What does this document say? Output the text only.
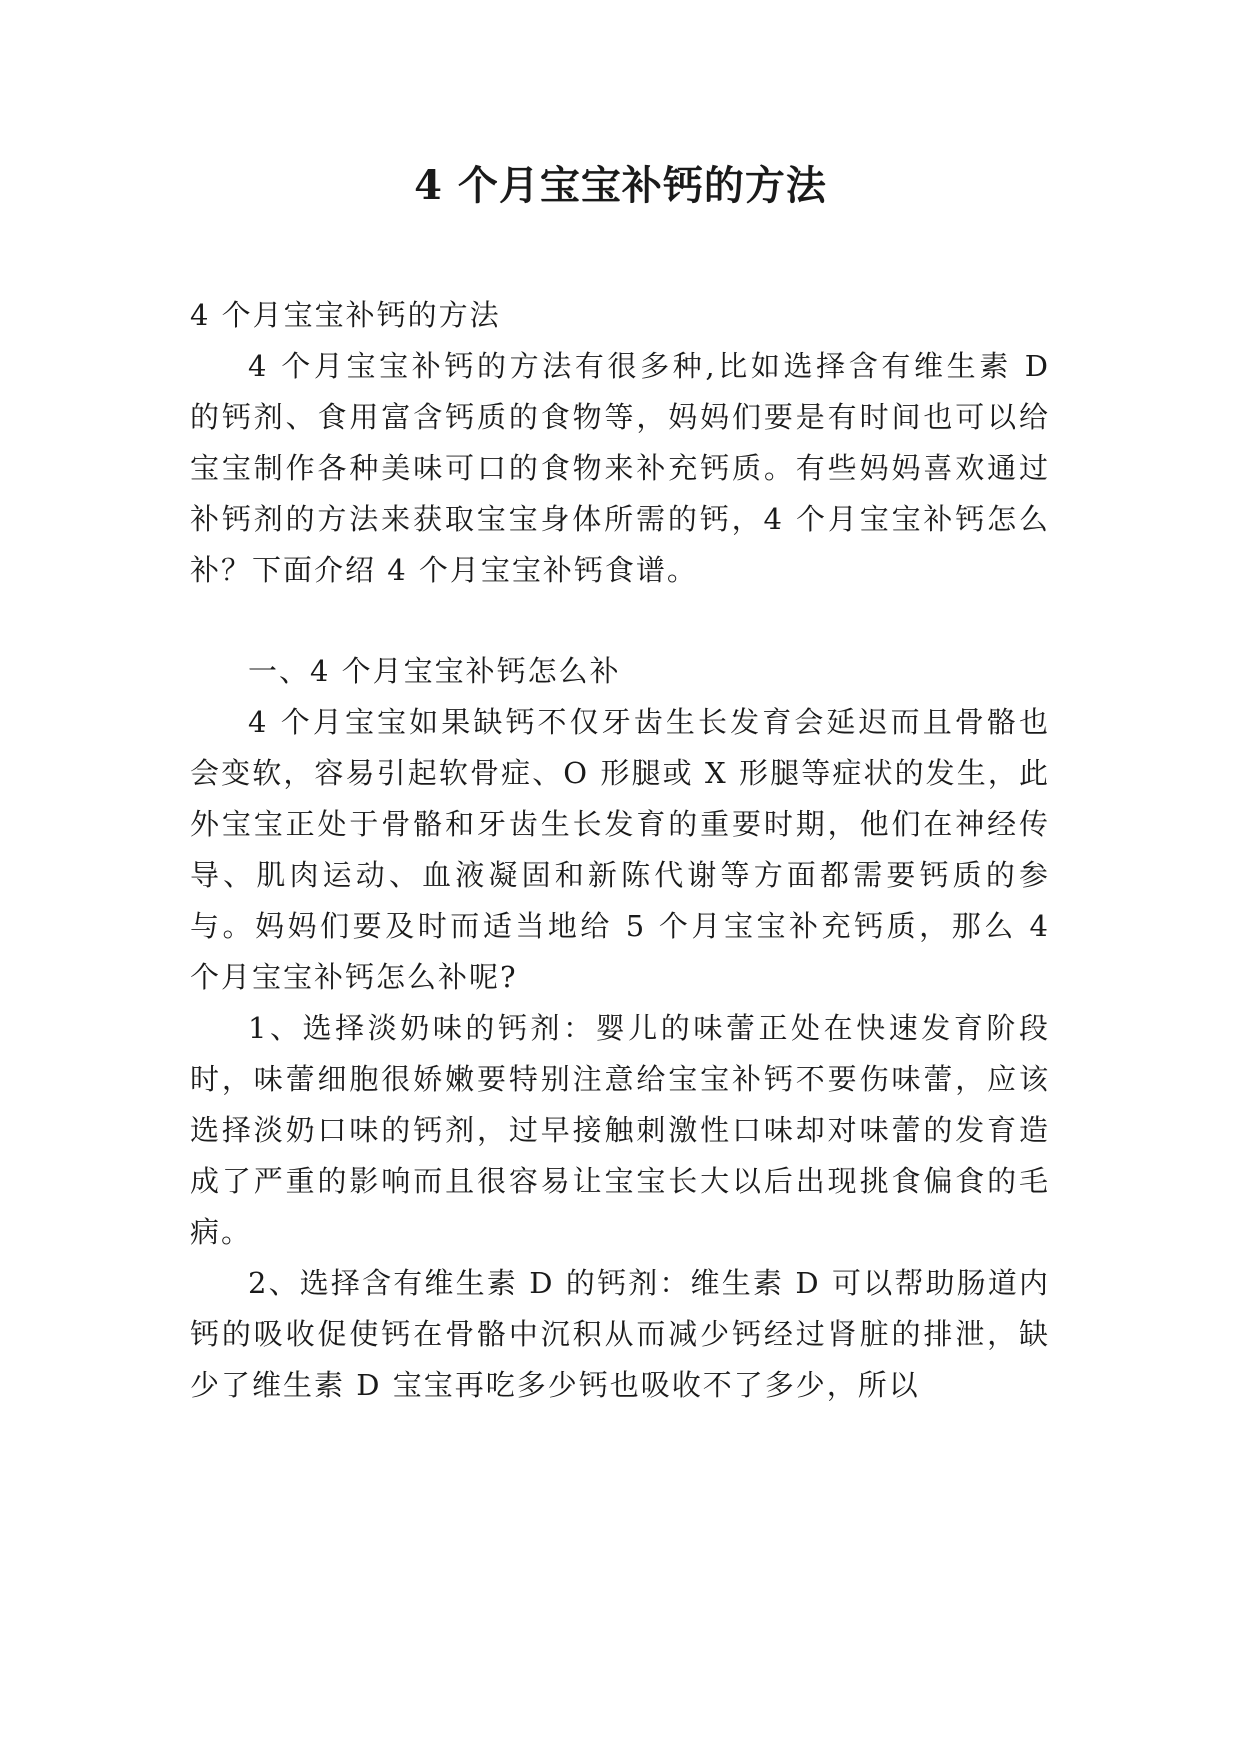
4 个月宝宝补钙的方法

4 个月宝宝补钙的方法

4 个月宝宝补钙的方法有很多种,比如选择含有维生素 D 的钙剂、食用富含钙质的食物等，妈妈们要是有时间也可以给宝宝制作各种美味可口的食物来补充钙质。有些妈妈喜欢通过补钙剂的方法来获取宝宝身体所需的钙，4 个月宝宝补钙怎么补？下面介绍 4 个月宝宝补钙食谱。

一、4 个月宝宝补钙怎么补

4 个月宝宝如果缺钙不仅牙齿生长发育会延迟而且骨骼也会变软，容易引起软骨症、O 形腿或 X 形腿等症状的发生，此外宝宝正处于骨骼和牙齿生长发育的重要时期，他们在神经传导、肌肉运动、血液凝固和新陈代谢等方面都需要钙质的参与。妈妈们要及时而适当地给 5 个月宝宝补充钙质，那么 4 个月宝宝补钙怎么补呢?

1、选择淡奶味的钙剂：婴儿的味蕾正处在快速发育阶段时，味蕾细胞很娇嫩要特别注意给宝宝补钙不要伤味蕾，应该选择淡奶口味的钙剂，过早接触刺激性口味却对味蕾的发育造成了严重的影响而且很容易让宝宝长大以后出现挑食偏食的毛病。

2、选择含有维生素 D 的钙剂：维生素 D 可以帮助肠道内钙的吸收促使钙在骨骼中沉积从而减少钙经过肾脏的排泄，缺少了维生素 D 宝宝再吃多少钙也吸收不了多少，所以
